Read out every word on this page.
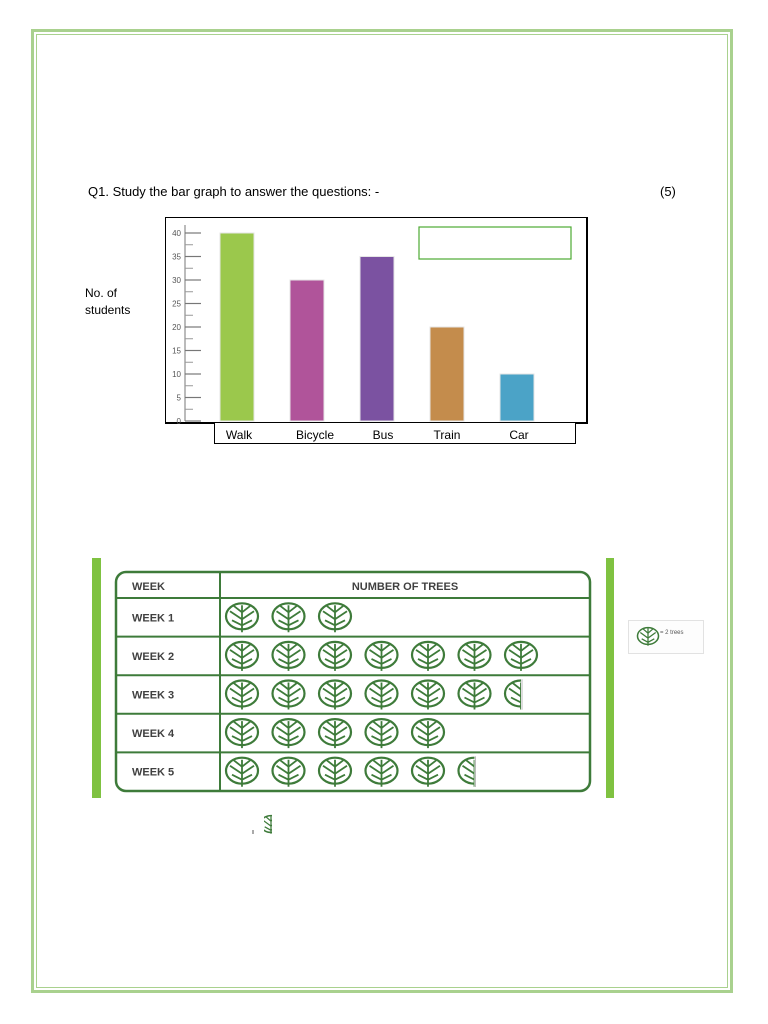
Q1. Study the bar graph to answer the questions: -	(5)
No. of students
0
5
10
15
20
25
30
35
40
Walk	Bicycle	Bus	Train	Car
WEEK	NUMBER OF TREES
WEEK 1
WEEK 2
WEEK 3
WEEK 4
WEEK 5
= 2 trees
